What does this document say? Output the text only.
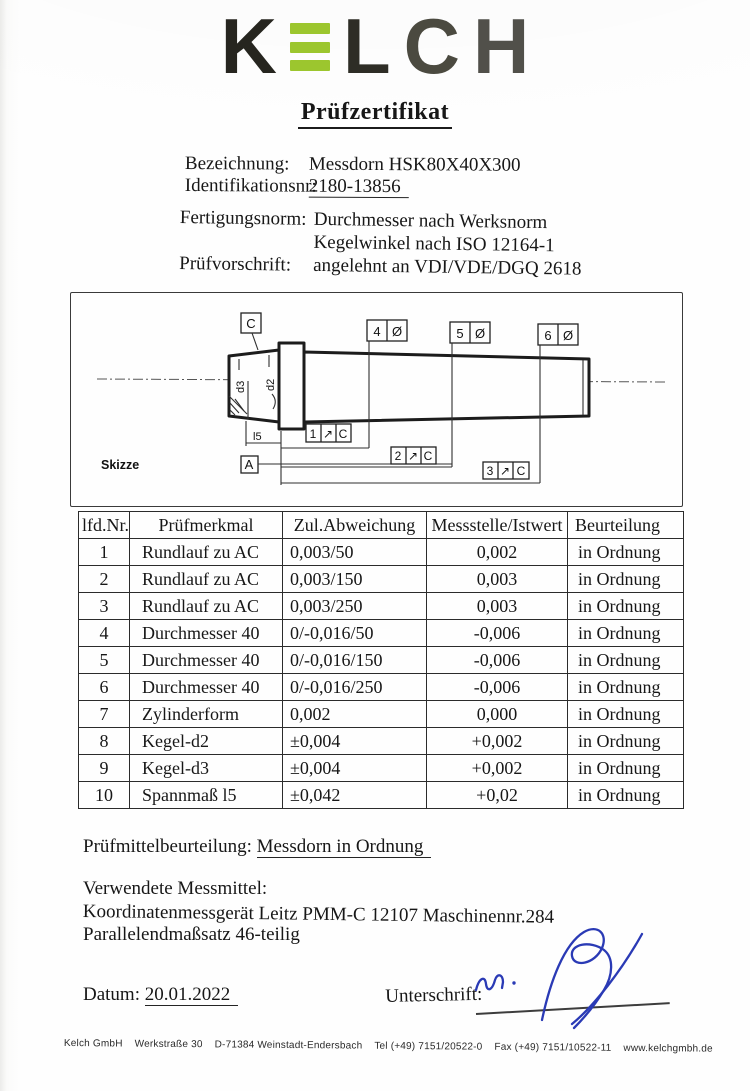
K L C H
Prüfzertifikat
Bezeichnung:	Messdorn HSK80X40X300
Identifikationsnr:
2180-13856
Fertigungsnorm: Durchmesser nach Werksnorm
Kegelwinkel nach ISO 12164-1
Prüfvorschrift:	angelehnt an VDI/VDE/DGQ 2618
d3 d2
C
4 Ø	5 Ø	6 Ø
l5	1 ↗ C
A
2 ↗ C
3 ↗ C
Skizze
lfd.Nr.	Prüfmerkmal	Zul.Abweichung	Messstelle/Istwert	Beurteilung
1	Rundlauf zu AC	0,003/50	0,002	in Ordnung
2	Rundlauf zu AC	0,003/150	0,003	in Ordnung
3	Rundlauf zu AC	0,003/250	0,003	in Ordnung
4	Durchmesser 40	0/-0,016/50	-0,006	in Ordnung
5	Durchmesser 40	0/-0,016/150	-0,006	in Ordnung
6	Durchmesser 40	0/-0,016/250	-0,006	in Ordnung
7	Zylinderform	0,002	0,000	in Ordnung
8	Kegel-d2	±0,004	+0,002	in Ordnung
9	Kegel-d3	±0,004	+0,002	in Ordnung
10	Spannmaß l5	±0,042	+0,02	in Ordnung
Prüfmittelbeurteilung: Messdorn in Ordnung
Verwendete Messmittel:
Koordinatenmessgerät Leitz PMM-C 12107 Maschinennr.284
Parallelendmaßsatz 46-teilig
Datum: 20.01.2022	Unterschrift:
Kelch GmbH Werkstraße 30 D-71384 Weinstadt-Endersbach Tel (+49) 7151/20522-0 Fax (+49) 7151/10522-11 www.kelchgmbh.de
